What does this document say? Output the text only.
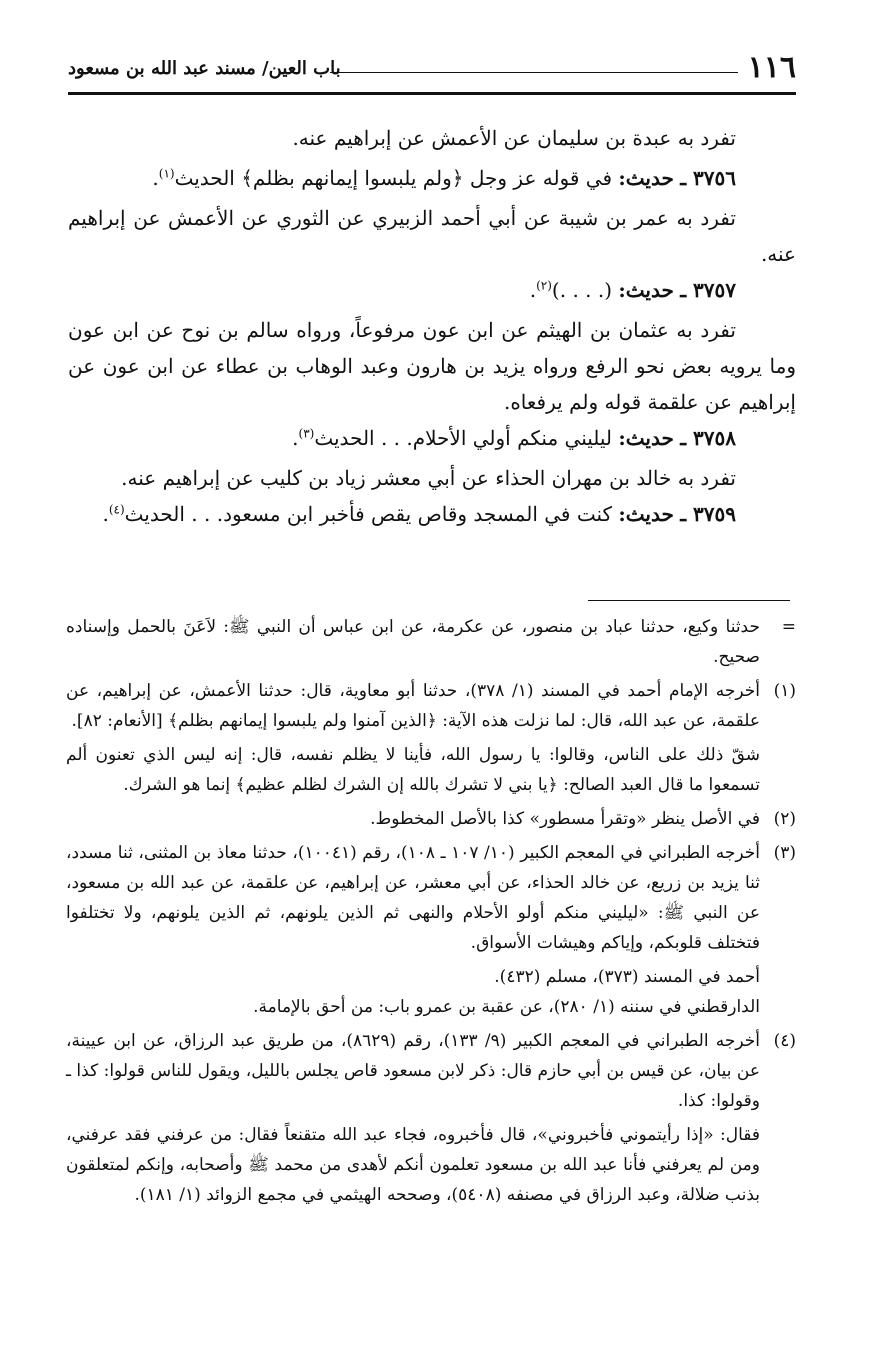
١١٦
باب العين/ مسند عبد الله بن مسعود

تفرد به عبدة بن سليمان عن الأعمش عن إبراهيم عنه.

٣٧٥٦ ـ حديث: في قوله عز وجل ﴿ولم يلبسوا إيمانهم بظلم﴾ الحديث$^{(١)}$.

تفرد به عمر بن شيبة عن أبي أحمد الزبيري عن الثوري عن الأعمش عن إبراهيم عنه.

٣٧٥٧ ـ حديث: (. . . .)$^{(٢)}$.

تفرد به عثمان بن الهيثم عن ابن عون مرفوعاً، ورواه سالم بن نوح عن ابن عون وما يرويه بعض نحو الرفع ورواه يزيد بن هارون وعبد الوهاب بن عطاء عن ابن عون عن إبراهيم عن علقمة قوله ولم يرفعاه.

٣٧٥٨ ـ حديث: ليليني منكم أولي الأحلام. . . الحديث$^{(٣)}$.

تفرد به خالد بن مهران الحذاء عن أبي معشر زياد بن كليب عن إبراهيم عنه.

٣٧٥٩ ـ حديث: كنت في المسجد وقاص يقص فأخبر ابن مسعود. . . الحديث$^{(٤)}$.

=
حدثنا وكيع، حدثنا عباد بن منصور، عن عكرمة، عن ابن عباس أن النبي ﷺ: لاَعَنَ بالحمل وإسناده صحيح.

(١)
أخرجه الإمام أحمد في المسند (١/ ٣٧٨)، حدثنا أبو معاوية، قال: حدثنا الأعمش، عن إبراهيم، عن علقمة، عن عبد الله، قال: لما نزلت هذه الآية: ﴿الذين آمنوا ولم يلبسوا إيمانهم بظلم﴾ [الأنعام: ٨٢].

شقّ ذلك على الناس، وقالوا: يا رسول الله، فأينا لا يظلم نفسه، قال: إنه ليس الذي تعنون ألم تسمعوا ما قال العبد الصالح: ﴿يا بني لا تشرك بالله إن الشرك لظلم عظيم﴾ إنما هو الشرك.

(٢)
في الأصل ينظر «وتقرأ مسطور» كذا بالأصل المخطوط.

(٣)
أخرجه الطبراني في المعجم الكبير (١٠/ ١٠٧ ـ ١٠٨)، رقم (١٠٠٤١)، حدثنا معاذ بن المثنى، ثنا مسدد، ثنا يزيد بن زريع، عن خالد الحذاء، عن أبي معشر، عن إبراهيم، عن علقمة، عن عبد الله بن مسعود، عن النبي ﷺ: «ليليني منكم أولو الأحلام والنهى ثم الذين يلونهم، ثم الذين يلونهم، ولا تختلفوا فتختلف قلوبكم، وإياكم وهيشات الأسواق.

أحمد في المسند (٣٧٣)، مسلم (٤٣٢).

الدارقطني في سننه (١/ ٢٨٠)، عن عقبة بن عمرو باب: من أحق بالإمامة.

(٤)
أخرجه الطبراني في المعجم الكبير (٩/ ١٣٣)، رقم (٨٦٢٩)، من طريق عبد الرزاق، عن ابن عيينة، عن بيان، عن قيس بن أبي حازم قال: ذكر لابن مسعود قاص يجلس بالليل، ويقول للناس قولوا: كذا ـ وقولوا: كذا.

فقال: «إذا رأيتموني فأخبروني»، قال فأخبروه، فجاء عبد الله متقنعاً فقال: من عرفني فقد عرفني، ومن لم يعرفني فأنا عبد الله بن مسعود تعلمون أنكم لأهدى من محمد ﷺ وأصحابه، وإنكم لمتعلقون بذنب ضلالة، وعبد الرزاق في مصنفه (٥٤٠٨)، وصححه الهيثمي في مجمع الزوائد (١/ ١٨١).
